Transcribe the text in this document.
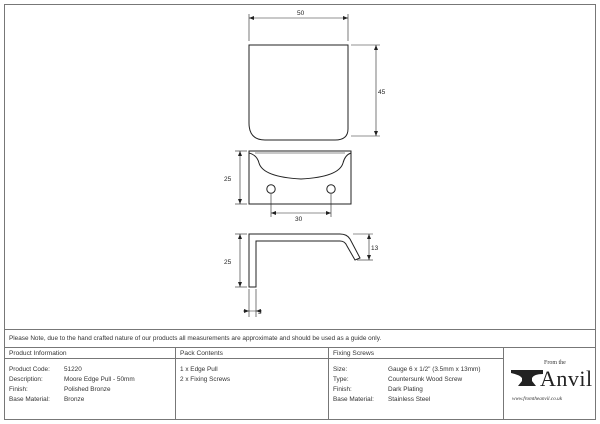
50
45
25
30
25
13
3
Please Note, due to the hand crafted nature of our products all measurements are approximate and should be used as a guide only.
Product Information
Product Code:	51220
Description:	Moore Edge Pull - 50mm
Finish:	Polished Bronze
Base Material:	Bronze
Pack Contents
1 x Edge Pull
2 x Fixing Screws
Fixing Screws
Size:	Gauge 6 x 1/2" (3.5mm x 13mm)
Type:	Countersunk Wood Screw
Finish:	Dark Plating
Base Material:	Stainless Steel
From the
Anvil
www.fromtheanvil.co.uk
